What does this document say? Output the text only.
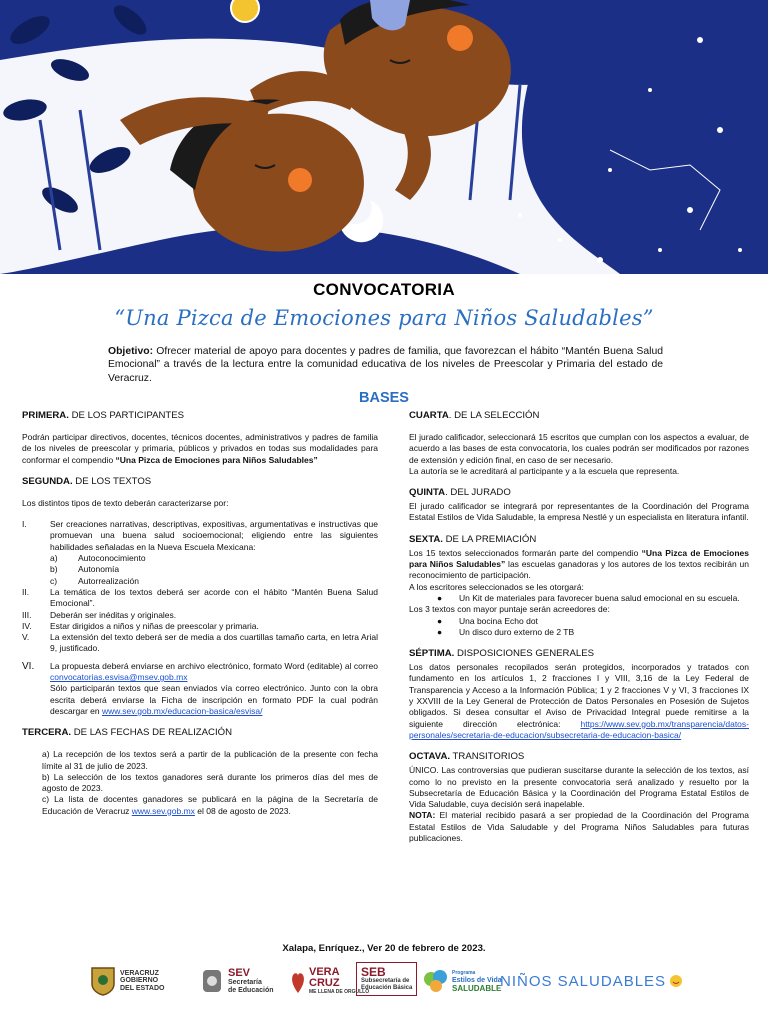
CONVOCATORIA
“Una Pizca de Emociones para Niños Saludables”

Objetivo: Ofrecer material de apoyo para docentes y padres de familia, que favorezcan el hábito “Mantén Buena Salud Emocional” a través de la lectura entre la comunidad educativa de los niveles de Preescolar y Primaria del estado de Veracruz.

BASES
PRIMERA. DE LOS PARTICIPANTES

Podrán participar directivos, docentes, técnicos docentes, administrativos y padres de familia de los niveles de preescolar y primaria, públicos y privados en todas sus modalidades para conformar el compendio “Una Pizca de Emociones para Niños Saludables”

SEGUNDA. DE LOS TEXTOS

Los distintos tipos de texto deberán caracterizarse por:

I.	Ser creaciones narrativas, descriptivas, expositivas, argumentativas e instructivas que promuevan una buena salud socioemocional; eligiendo entre las siguientes habilidades señaladas en la Nueva Escuela Mexicana:
a)	Autoconocimiento
b)	Autonomía
c)	Autorrealización
II.	La temática de los textos deberá ser acorde con el hábito “Mantén Buena Salud Emocional”.
III.	Deberán ser inéditas y originales.
IV.	Estar dirigidos a niños y niñas de preescolar y primaria.
V.	La extensión del texto deberá ser de media a dos cuartillas tamaño carta, en letra Arial 9, justificado.
VI.	La propuesta deberá enviarse en archivo electrónico, formato Word (editable) al correo convocatorias.esvisa@msev.gob.mx
Sólo participarán textos que sean enviados vía correo electrónico. Junto con la obra escrita deberá enviarse la Ficha de inscripción en formato PDF la cual podrán descargar en www.sev.gob.mx/educacion-basica/esvisa/
TERCERA. DE LAS FECHAS DE REALIZACIÓN

a) La recepción de los textos será a partir de la publicación de la presente con fecha límite al 31 de julio de 2023.

b) La selección de los textos ganadores será durante los primeros días del mes de agosto de 2023.

c) La lista de docentes ganadores se publicará en la página de la Secretaría de Educación de Veracruz www.sev.gob.mx el 08 de agosto de 2023.

CUARTA. DE LA SELECCIÓN

El jurado calificador, seleccionará 15 escritos que cumplan con los aspectos a evaluar, de acuerdo a las bases de esta convocatoria, los cuales podrán ser modificados por razones de extensión y edición final, en caso de ser necesario.

La autoría se le acreditará al participante y a la escuela que representa.

QUINTA. DEL JURADO

El jurado calificador se integrará por representantes de la Coordinación del Programa Estatal Estilos de Vida Saludable, la empresa Nestlé y un especialista en literatura infantil.

SEXTA. DE LA PREMIACIÓN

Los 15 textos seleccionados formarán parte del compendio “Una Pizca de Emociones para Niños Saludables” las escuelas ganadoras y los autores de los textos recibirán un reconocimiento de participación.

A los escritores seleccionados se les otorgará:

●	Un Kit de materiales para favorecer buena salud emocional en su escuela.

Los 3 textos con mayor puntaje serán acreedores de:

●	Una bocina Echo dot
●	Un disco duro externo de 2 TB
SÉPTIMA. DISPOSICIONES GENERALES

Los datos personales recopilados serán protegidos, incorporados y tratados con fundamento en los artículos 1, 2 fracciones I y VIII, 3,16 de la Ley Federal de Transparencia y Acceso a la Información Pública; 1 y 2 fracciones V y VI, 3 fracciones IX y XXVIII de la Ley General de Protección de Datos Personales en Posesión de Sujetos obligados. Si desea consultar el Aviso de Privacidad Integral puede remitirse a la siguiente dirección electrónica: https://www.sev.gob.mx/transparencia/datos-personales/secretaria-de-educacion/subsecretaria-de-educacion-basica/

OCTAVA. TRANSITORIOS

ÚNICO. Las controversias que pudieran suscitarse durante la selección de los textos, así como lo no previsto en la presente convocatoria será analizado y resuelto por la Subsecretaría de Educación Básica y la Coordinación del Programa Estatal Estilos de Vida Saludable, cuya decisión será inapelable.

NOTA: El material recibido pasará a ser propiedad de la Coordinación del Programa Estatal Estilos de Vida Saludable y del Programa Niños Saludables para futuras publicaciones.

Xalapa, Enríquez., Ver 20 de febrero de 2023.
VERACRUZ
GOBIERNO
DEL ESTADO
SEV
Secretaría
de Educación
VERA
CRUZ
ME LLENA DE ORGULLO
SEB
Subsecretaría de
Educación Básica
Programa
Estilos de Vida
SALUDABLE
NIÑOS SALUDABLES
